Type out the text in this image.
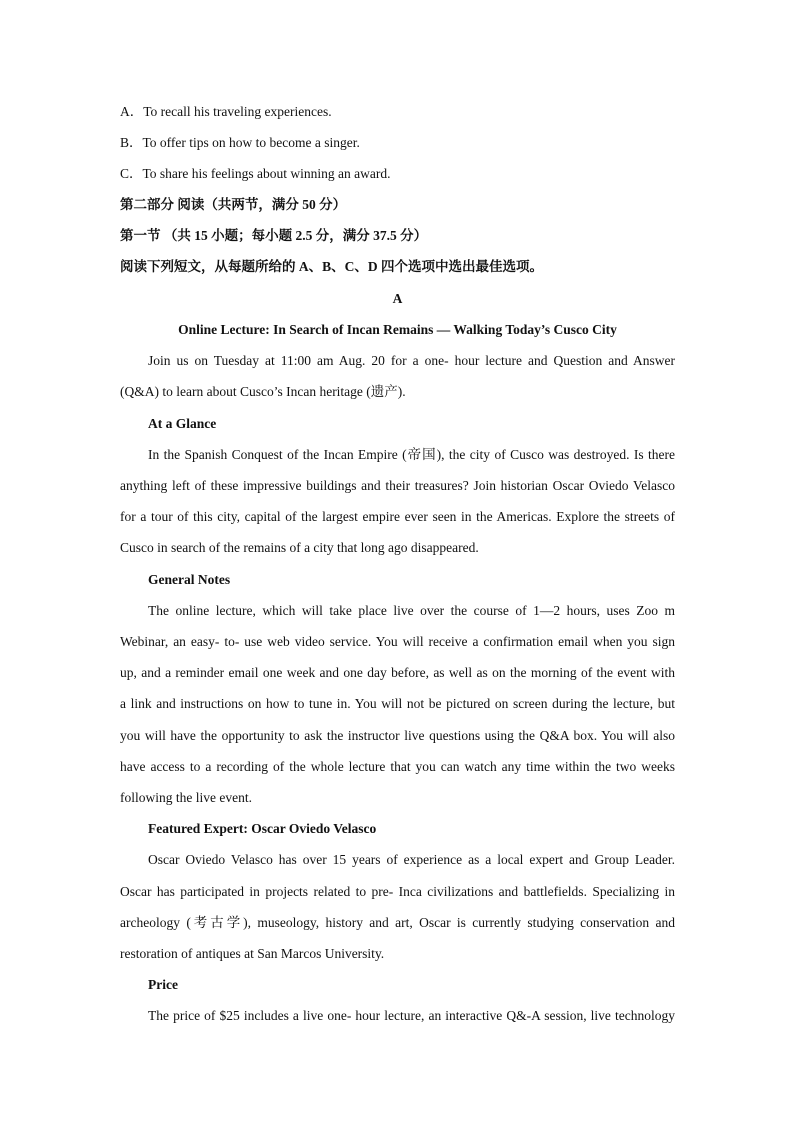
A．To recall his traveling experiences.
B．To offer tips on how to become a singer.
C．To share his feelings about winning an award.
第二部分 阅读（共两节，满分 50 分）
第一节 （共 15 小题；每小题 2.5 分，满分 37.5 分）
阅读下列短文，从每题所给的 A、B、C、D 四个选项中选出最佳选项。
A
Online Lecture: In Search of Incan Remains — Walking Today’s Cusco City
Join us on Tuesday at 11:00 am Aug. 20 for a one- hour lecture and Question and Answer
(Q&A) to learn about Cusco’s Incan heritage (遗产).
At a Glance
In the Spanish Conquest of the Incan Empire (帝国), the city of Cusco was destroyed. Is there
anything left of these impressive buildings and their treasures? Join historian Oscar Oviedo Velasco
for a tour of this city, capital of the largest empire ever seen in the Americas. Explore the streets of
Cusco in search of the remains of a city that long ago disappeared.
General Notes
The online lecture, which will take place live over the course of 1—2 hours, uses Zoo m
Webinar, an easy- to- use web video service. You will receive a confirmation email when you sign
up, and a reminder email one week and one day before, as well as on the morning of the event with
a link and instructions on how to tune in. You will not be pictured on screen during the lecture, but
you will have the opportunity to ask the instructor live questions using the Q&A box. You will also
have access to a recording of the whole lecture that you can watch any time within the two weeks
following the live event.
Featured Expert: Oscar Oviedo Velasco
Oscar Oviedo Velasco has over 15 years of experience as a local expert and Group Leader.
Oscar has participated in projects related to pre- Inca civilizations and battlefields. Specializing in
archeology (考古学), museology, history and art, Oscar is currently studying conservation and
restoration of antiques at San Marcos University.
Price
The price of $25 includes a live one- hour lecture, an interactive Q&-A session, live technology
